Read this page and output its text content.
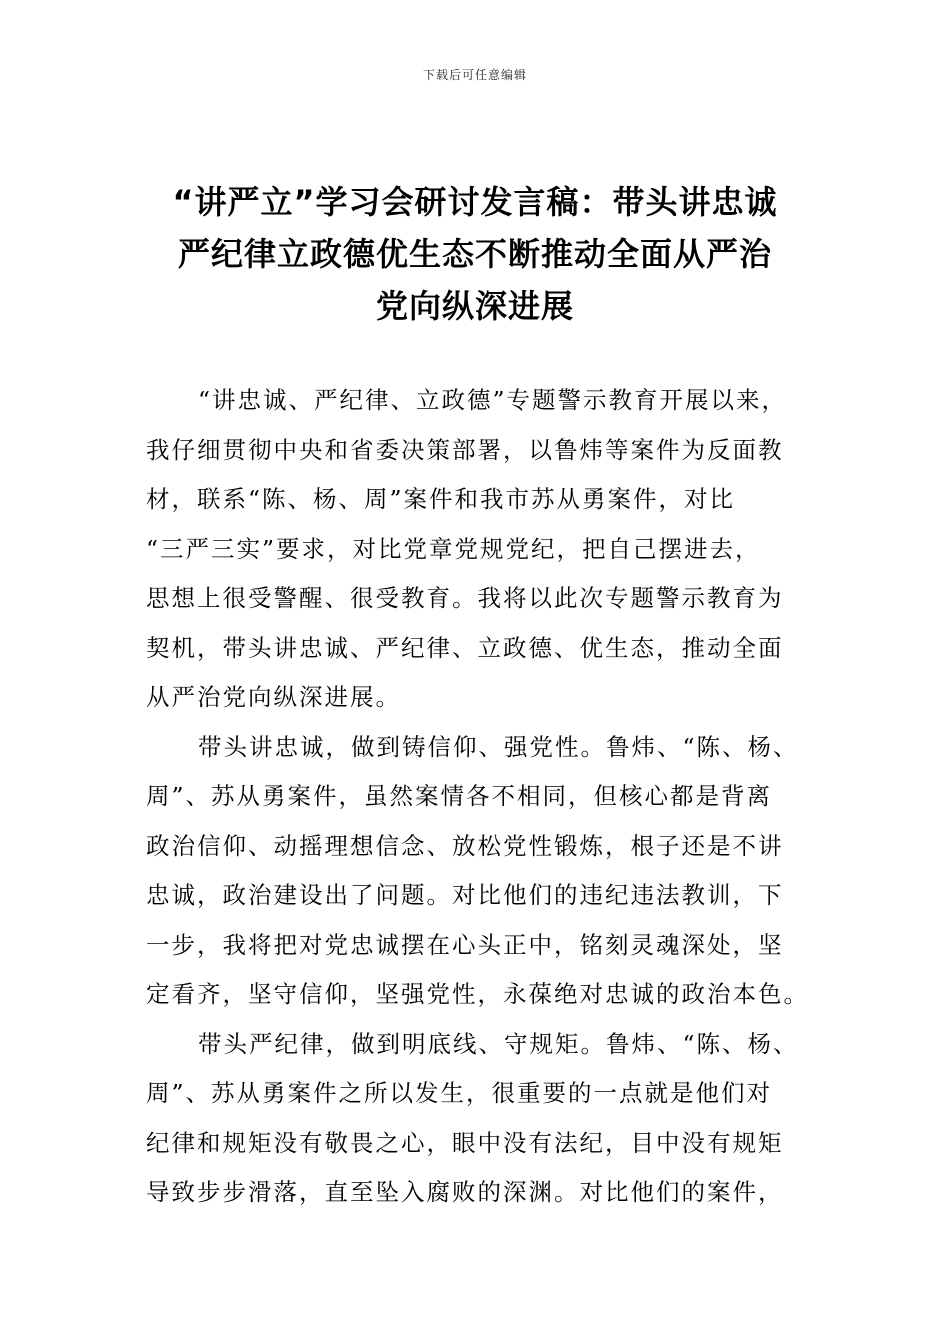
下载后可任意编辑
“讲严立”学习会研讨发言稿：带头讲忠诚
严纪律立政德优生态不断推动全面从严治
党向纵深进展
“讲忠诚、严纪律、立政德”专题警示教育开展以来，
我仔细贯彻中央和省委决策部署，以鲁炜等案件为反面教
材，联系“陈、杨、周”案件和我市苏从勇案件，对比
“三严三实”要求，对比党章党规党纪，把自己摆进去，
思想上很受警醒、很受教育。我将以此次专题警示教育为
契机，带头讲忠诚、严纪律、立政德、优生态，推动全面
从严治党向纵深进展。
带头讲忠诚，做到铸信仰、强党性。鲁炜、“陈、杨、
周”、苏从勇案件，虽然案情各不相同，但核心都是背离
政治信仰、动摇理想信念、放松党性锻炼，根子还是不讲
忠诚，政治建设出了问题。对比他们的违纪违法教训，下
一步，我将把对党忠诚摆在心头正中，铭刻灵魂深处，坚
定看齐，坚守信仰，坚强党性，永葆绝对忠诚的政治本色。
带头严纪律，做到明底线、守规矩。鲁炜、“陈、杨、
周”、苏从勇案件之所以发生，很重要的一点就是他们对
纪律和规矩没有敬畏之心，眼中没有法纪，目中没有规矩
导致步步滑落，直至坠入腐败的深渊。对比他们的案件，
